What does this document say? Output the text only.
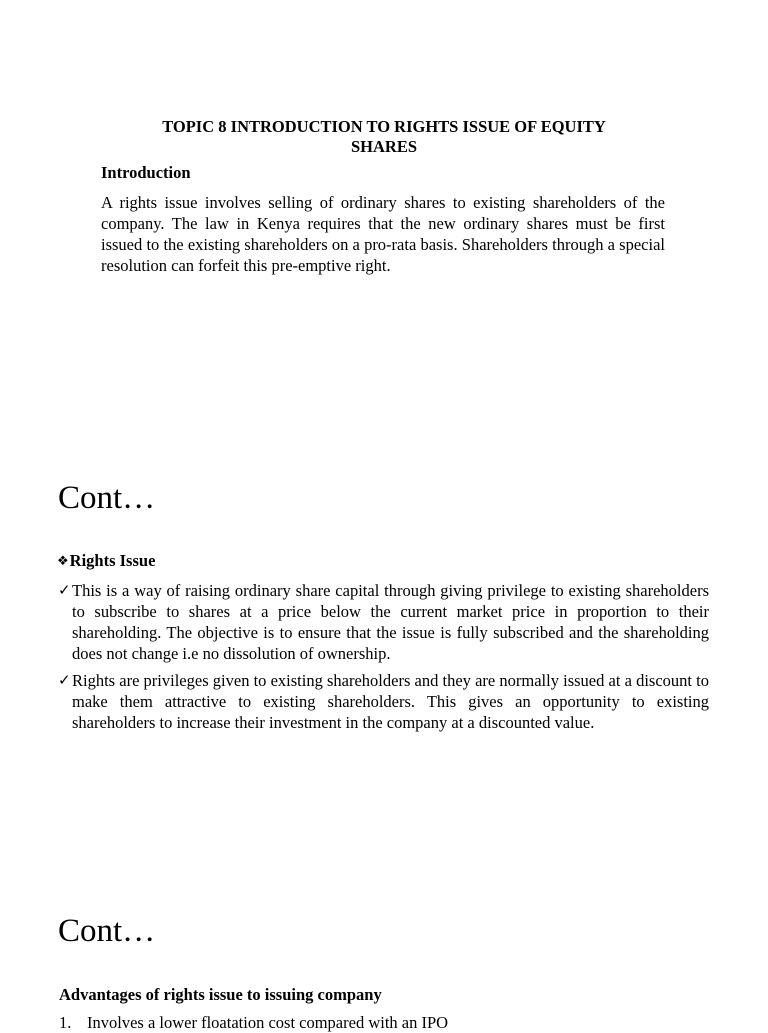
TOPIC 8 INTRODUCTION TO RIGHTS ISSUE OF EQUITY
SHARES
Introduction

A rights issue involves selling of ordinary shares to existing shareholders of the company. The law in Kenya requires that the new ordinary shares must be first issued to the existing shareholders on a pro-rata basis. Shareholders through a special resolution can forfeit this pre-emptive right.

Cont…
❖ Rights Issue
✓ This is a way of raising ordinary share capital through giving privilege to existing shareholders to subscribe to shares at a price below the current market price in proportion to their shareholding. The objective is to ensure that the issue is fully subscribed and the shareholding does not change i.e no dissolution of ownership.
✓ Rights are privileges given to existing shareholders and they are normally issued at a discount to make them attractive to existing shareholders. This gives an opportunity to existing shareholders to increase their investment in the company at a discounted value.
Cont…
Advantages of rights issue to issuing company
1. Involves a lower floatation cost compared with an IPO
